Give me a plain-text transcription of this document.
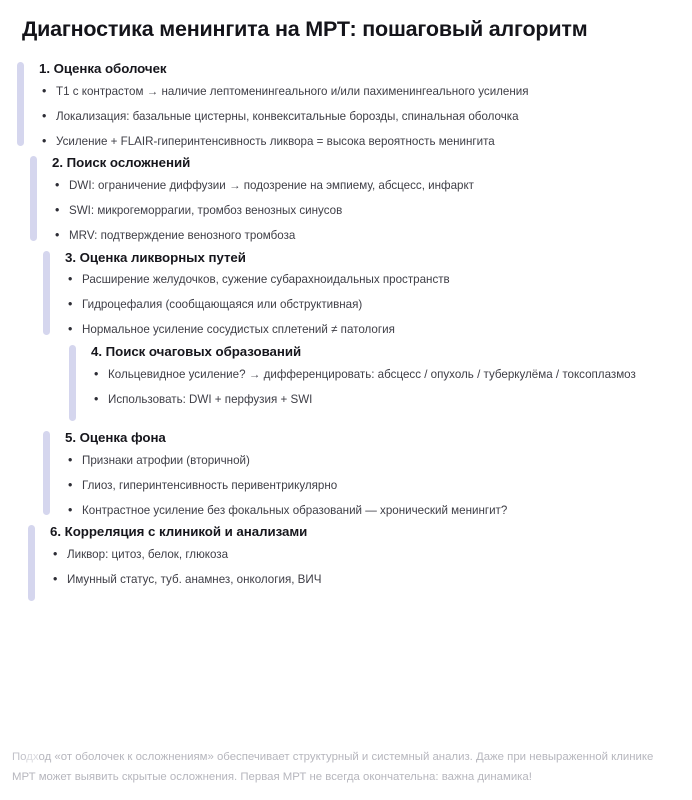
Диагностика менингита на МРТ: пошаговый алгоритм
1. Оценка оболочек
• T1 с контрастом → наличие лептоменингеального и/или пахименингеального усиления
• Локализация: базальные цистерны, конвекситальные борозды, спинальная оболочка
• Усиление + FLAIR-гиперинтенсивность ликвора = высока вероятность менингита
2. Поиск осложнений
• DWI: ограничение диффузии → подозрение на эмпиему, абсцесс, инфаркт
• SWI: микрогеморрагии, тромбоз венозных синусов
• MRV: подтверждение венозного тромбоза
3. Оценка ликворных путей
• Расширение желудочков, сужение субарахноидальных пространств
• Гидроцефалия (сообщающаяся или обструктивная)
• Нормальное усиление сосудистых сплетений ≠ патология
4. Поиск очаговых образований
• Кольцевидное усиление? → дифференцировать: абсцесс / опухоль / туберкулёма / токсоплазмоз
• Использовать: DWI + перфузия + SWI
5. Оценка фона
• Признаки атрофии (вторичной)
• Глиоз, гиперинтенсивность перивентрикулярно
• Контрастное усиление без фокальных образований — хронический менингит?
6. Корреляция с клиникой и анализами
• Ликвор: цитоз, белок, глюкоза
• Имунный статус, туб. анамнез, онкология, ВИЧ

Подход «от оболочек к осложнениям» обеспечивает структурный и системный анализ. Даже при невыраженной клинике МРТ может выявить скрытые осложнения. Первая МРТ не всегда окончательна: важна динамика!
